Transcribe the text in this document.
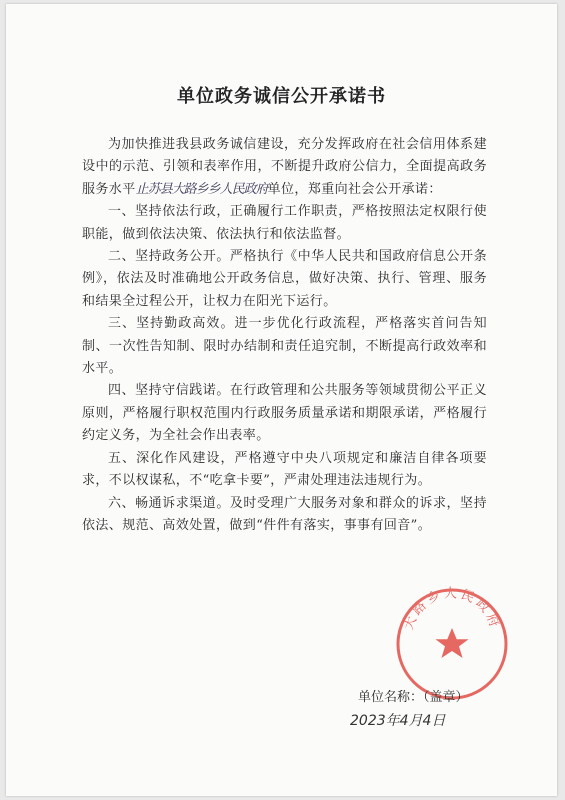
单位政务诚信公开承诺书

为加快推进我县政务诚信建设，充分发挥政府在社会信用体系建设中的示范、引领和表率作用，不断提升政府公信力，全面提高政务服务水平止苏县大路乡乡人民政府单位，郑重向社会公开承诺：

一、坚持依法行政，正确履行工作职责，严格按照法定权限行使职能，做到依法决策、依法执行和依法监督。

二、坚持政务公开。严格执行《中华人民共和国政府信息公开条例》，依法及时准确地公开政务信息，做好决策、执行、管理、服务和结果全过程公开，让权力在阳光下运行。

三、坚持勤政高效。进一步优化行政流程，严格落实首问告知制、一次性告知制、限时办结制和责任追究制，不断提高行政效率和水平。

四、坚持守信践诺。在行政管理和公共服务等领域贯彻公平正义原则，严格履行职权范围内行政服务质量承诺和期限承诺，严格履行约定义务，为全社会作出表率。

五、深化作风建设，严格遵守中央八项规定和廉洁自律各项要求，不以权谋私，不“吃拿卡要”，严肃处理违法违规行为。

六、畅通诉求渠道。及时受理广大服务对象和群众的诉求，坚持依法、规范、高效处置，做到“件件有落实，事事有回音”。

大路乡人民政府
单位名称：（盖章）
2023年4月4日
